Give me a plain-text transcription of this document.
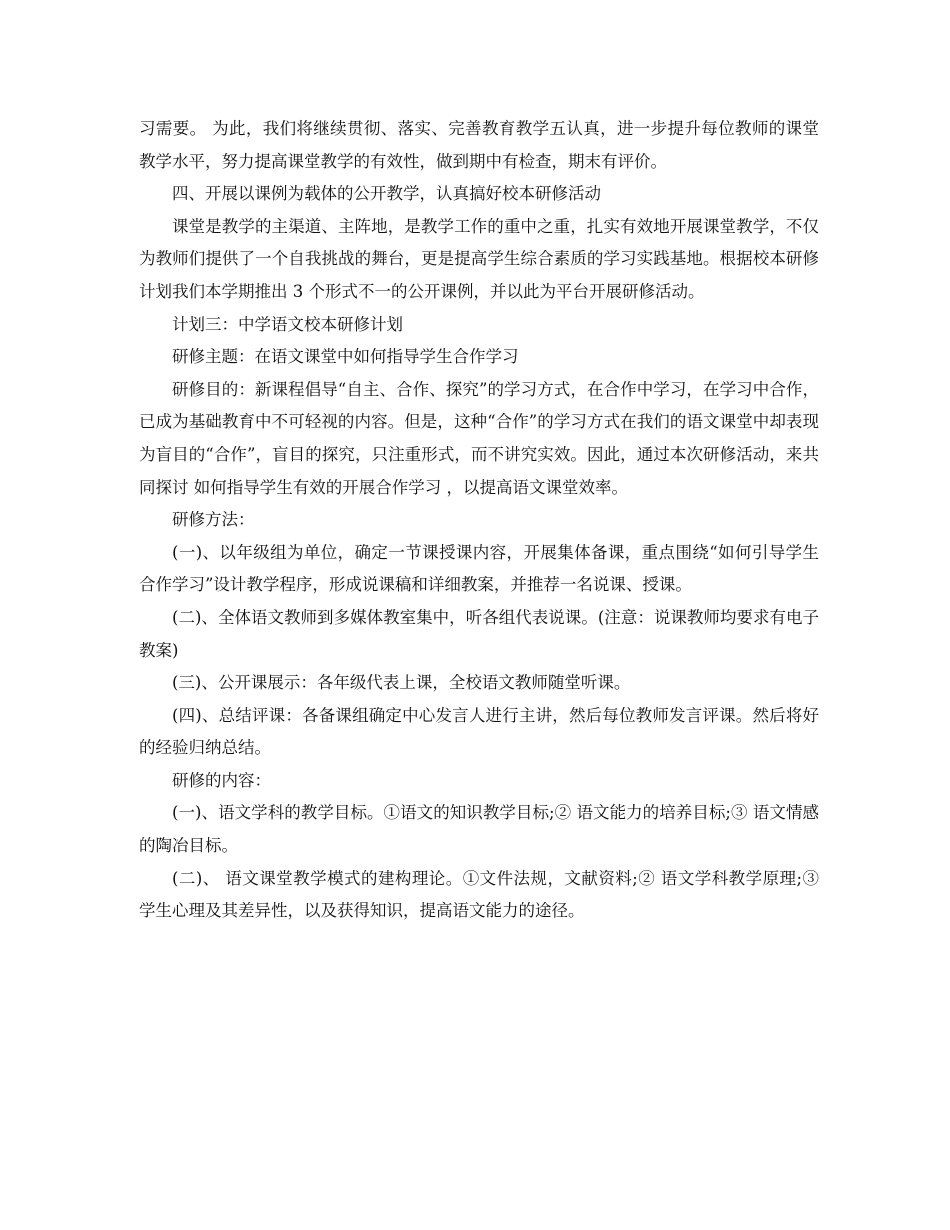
习需要。 为此，我们将继续贯彻、落实、完善教育教学五认真，进一步提升每位教师的课堂教学水平，努力提高课堂教学的有效性，做到期中有检查，期末有评价。

四、开展以课例为载体的公开教学，认真搞好校本研修活动

课堂是教学的主渠道、主阵地，是教学工作的重中之重，扎实有效地开展课堂教学，不仅为教师们提供了一个自我挑战的舞台，更是提高学生综合素质的学习实践基地。根据校本研修计划我们本学期推出 3 个形式不一的公开课例，并以此为平台开展研修活动。

计划三：中学语文校本研修计划

研修主题：在语文课堂中如何指导学生合作学习

研修目的：新课程倡导“自主、合作、探究”的学习方式，在合作中学习，在学习中合作，已成为基础教育中不可轻视的内容。但是，这种“合作”的学习方式在我们的语文课堂中却表现为盲目的“合作”，盲目的探究，只注重形式，而不讲究实效。因此，通过本次研修活动，来共同探讨 如何指导学生有效的开展合作学习 ，以提高语文课堂效率。

研修方法：

(一)、以年级组为单位，确定一节课授课内容，开展集体备课，重点围绕“如何引导学生合作学习”设计教学程序，形成说课稿和详细教案，并推荐一名说课、授课。

(二)、全体语文教师到多媒体教室集中，听各组代表说课。(注意：说课教师均要求有电子教案)

(三)、公开课展示：各年级代表上课，全校语文教师随堂听课。

(四)、总结评课：各备课组确定中心发言人进行主讲，然后每位教师发言评课。然后将好的经验归纳总结。

研修的内容：

(一)、语文学科的教学目标。①语文的知识教学目标;② 语文能力的培养目标;③ 语文情感的陶冶目标。

(二)、 语文课堂教学模式的建构理论。①文件法规，文献资料;② 语文学科教学原理;③ 学生心理及其差异性，以及获得知识，提高语文能力的途径。
